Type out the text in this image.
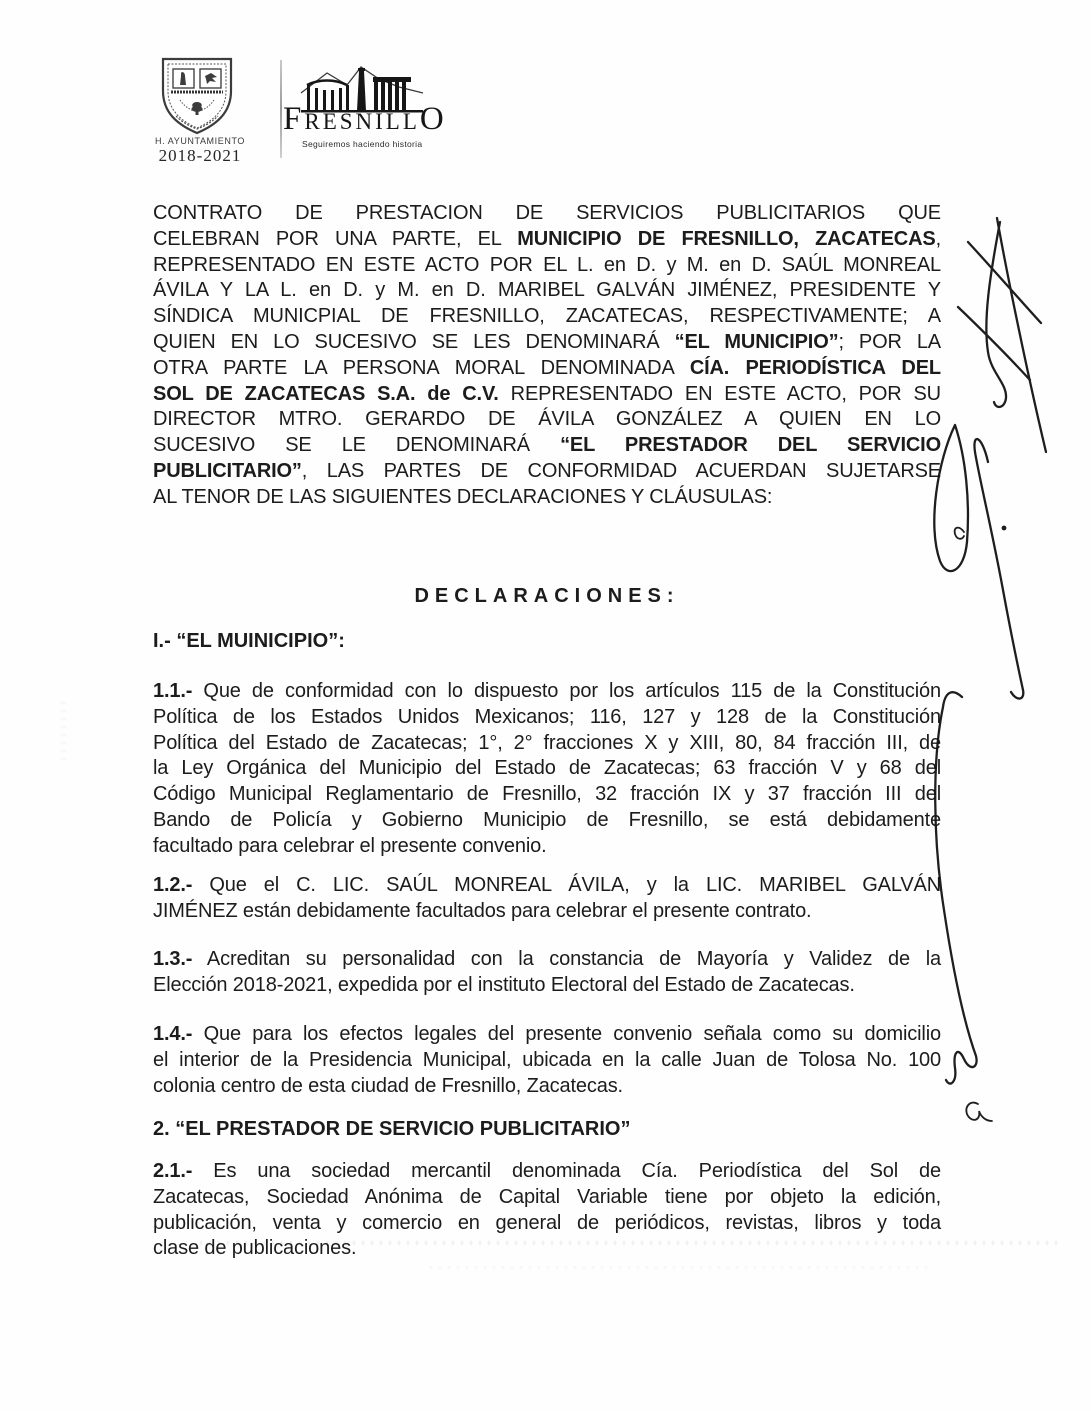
H. AYUNTAMIENTO
2018-2021
F RESNILL O
Seguiremos haciendo historia
CONTRATO DE PRESTACION DE SERVICIOS PUBLICITARIOS QUE
CELEBRAN POR UNA PARTE, EL MUNICIPIO DE FRESNILLO, ZACATECAS,
REPRESENTADO EN ESTE ACTO POR EL L. en D. y M. en D. SAÚL MONREAL
ÁVILA Y LA L. en D. y M. en D. MARIBEL GALVÁN JIMÉNEZ, PRESIDENTE Y
SÍNDICA MUNICPIAL DE FRESNILLO, ZACATECAS, RESPECTIVAMENTE; A
QUIEN EN LO SUCESIVO SE LES DENOMINARÁ “EL MUNICIPIO”; POR LA
OTRA PARTE LA PERSONA MORAL DENOMINADA CÍA. PERIODÍSTICA DEL
SOL DE ZACATECAS S.A. de C.V. REPRESENTADO EN ESTE ACTO, POR SU
DIRECTOR MTRO. GERARDO DE ÁVILA GONZÁLEZ A QUIEN EN LO
SUCESIVO SE LE DENOMINARÁ “EL PRESTADOR DEL SERVICIO
PUBLICITARIO”, LAS PARTES DE CONFORMIDAD ACUERDAN SUJETARSE
AL TENOR DE LAS SIGUIENTES DECLARACIONES Y CLÁUSULAS:
DECLARACIONES:
I.- “EL MUINICIPIO”:
1.1.- Que de conformidad con lo dispuesto por los artículos 115 de la Constitución
Política de los Estados Unidos Mexicanos; 116, 127 y 128 de la Constitución
Política del Estado de Zacatecas; 1°, 2° fracciones X y XIII, 80, 84 fracción III, de
la Ley Orgánica del Municipio del Estado de Zacatecas; 63 fracción V y 68 del
Código Municipal Reglamentario de Fresnillo, 32 fracción IX y 37 fracción III del
Bando de Policía y Gobierno Municipio de Fresnillo, se está debidamente
facultado para celebrar el presente convenio.
1.2.- Que el C. LIC. SAÚL MONREAL ÁVILA, y la LIC. MARIBEL GALVÁN
JIMÉNEZ están debidamente facultados para celebrar el presente contrato.
1.3.- Acreditan su personalidad con la constancia de Mayoría y Validez de la
Elección 2018-2021, expedida por el instituto Electoral del Estado de Zacatecas.
1.4.- Que para los efectos legales del presente convenio señala como su domicilio
el interior de la Presidencia Municipal, ubicada en la calle Juan de Tolosa No. 100
colonia centro de esta ciudad de Fresnillo, Zacatecas.
2. “EL PRESTADOR DE SERVICIO PUBLICITARIO”
2.1.- Es una sociedad mercantil denominada Cía. Periodística del Sol de
Zacatecas, Sociedad Anónima de Capital Variable tiene por objeto la edición,
publicación, venta y comercio en general de periódicos, revistas, libros y toda
clase de publicaciones.
